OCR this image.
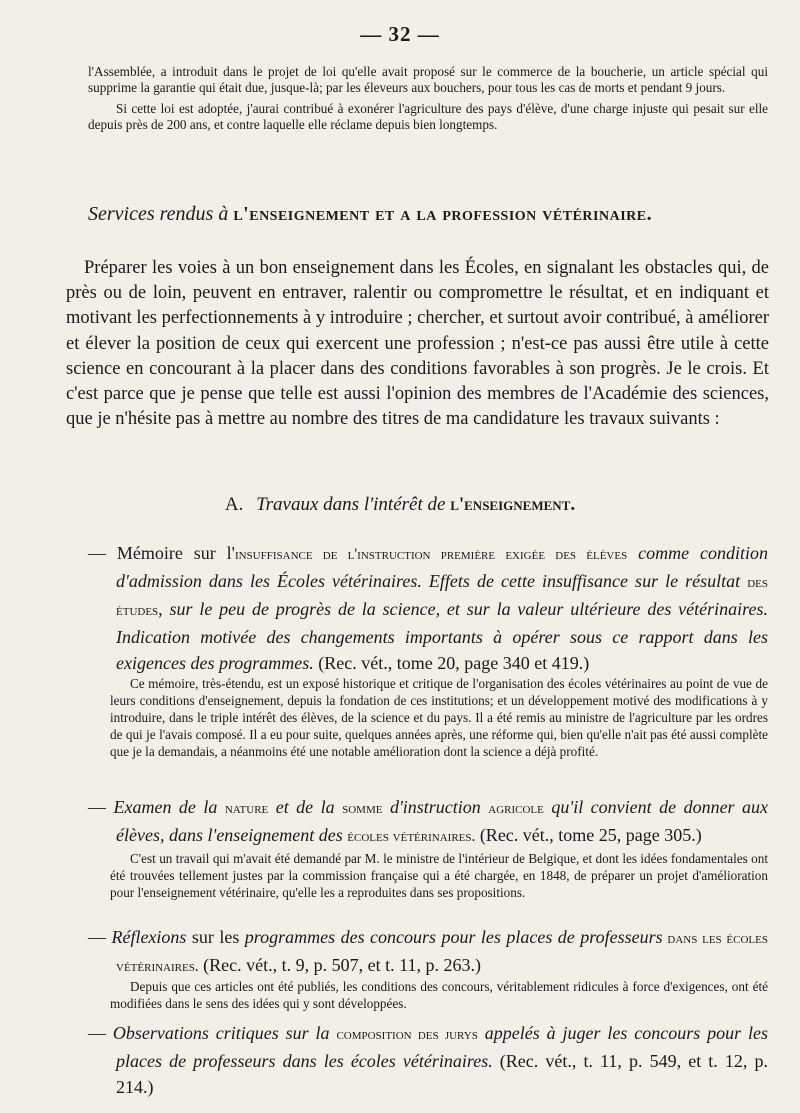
— 32 —

l'Assemblée, a introduit dans le projet de loi qu'elle avait proposé sur le commerce de la boucherie, un article spécial qui supprime la garantie qui était due, jusque-là; par les éleveurs aux bouchers, pour tous les cas de morts et pendant 9 jours.

Si cette loi est adoptée, j'aurai contribué à exonérer l'agriculture des pays d'élève, d'une charge injuste qui pesait sur elle depuis près de 200 ans, et contre laquelle elle réclame depuis bien longtemps.

Services rendus à l'enseignement et a la profession vétérinaire.

Préparer les voies à un bon enseignement dans les Écoles, en signalant les obstacles qui, de près ou de loin, peuvent en entraver, ralentir ou compromettre le résultat, et en indiquant et motivant les perfectionnements à y introduire ; chercher, et surtout avoir contribué, à améliorer et élever la position de ceux qui exercent une profession ; n'est-ce pas aussi être utile à cette science en concourant à la placer dans des conditions favorables à son progrès. Je le crois. Et c'est parce que je pense que telle est aussi l'opinion des membres de l'Académie des sciences, que je n'hésite pas à mettre au nombre des titres de ma candidature les travaux suivants :

A. Travaux dans l'intérêt de l'enseignement.

— Mémoire sur l'insuffisance de l'instruction première exigée des élèves comme condition d'admission dans les Écoles vétérinaires. Effets de cette insuffisance sur le résultat des études, sur le peu de progrès de la science, et sur la valeur ultérieure des vétérinaires. Indication motivée des changements importants à opérer sous ce rapport dans les exigences des programmes. (Rec. vét., tome 20, page 340 et 419.)

Ce mémoire, très-étendu, est un exposé historique et critique de l'organisation des écoles vétérinaires au point de vue de leurs conditions d'enseignement, depuis la fondation de ces institutions; et un développement motivé des modifications à y introduire, dans le triple intérêt des élèves, de la science et du pays. Il a été remis au ministre de l'agriculture par les ordres de qui je l'avais composé. Il a eu pour suite, quelques années après, une réforme qui, bien qu'elle n'ait pas été aussi complète que je la demandais, a néanmoins été une notable amélioration dont la science a déjà profité.

— Examen de la nature et de la somme d'instruction agricole qu'il convient de donner aux élèves, dans l'enseignement des écoles vétérinaires. (Rec. vét., tome 25, page 305.)

C'est un travail qui m'avait été demandé par M. le ministre de l'intérieur de Belgique, et dont les idées fondamentales ont été trouvées tellement justes par la commission française qui a été chargée, en 1848, de préparer un projet d'amélioration pour l'enseignement vétérinaire, qu'elle les a reproduites dans ses propositions.

— Réflexions sur les programmes des concours pour les places de professeurs dans les écoles vétérinaires. (Rec. vét., t. 9, p. 507, et t. 11, p. 263.)

Depuis que ces articles ont été publiés, les conditions des concours, véritablement ridicules à force d'exigences, ont été modifiées dans le sens des idées qui y sont développées.

— Observations critiques sur la composition des jurys appelés à juger les concours pour les places de professeurs dans les écoles vétérinaires. (Rec. vét., t. 11, p. 549, et t. 12, p. 214.)
